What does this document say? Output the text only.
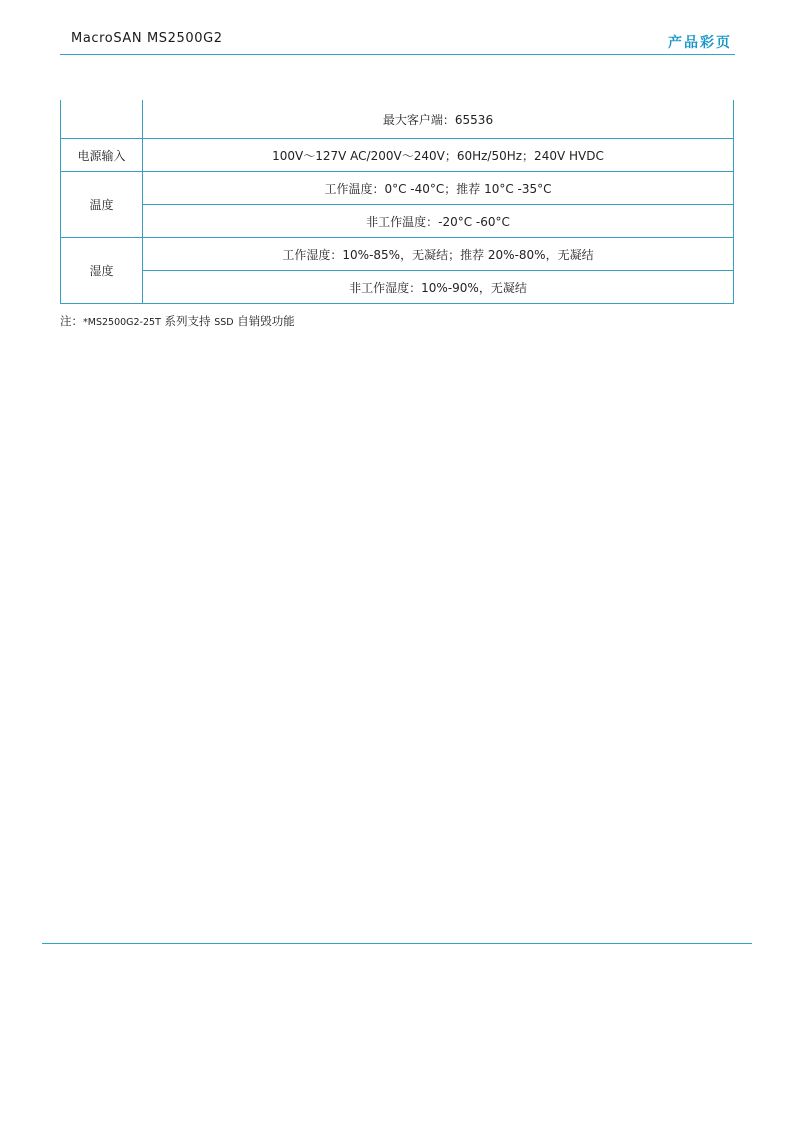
MacroSAN MS2500G2	产品彩页
	最大客户端：65536
电源输入	100V～127V AC/200V～240V；60Hz/50Hz；240V HVDC
温度	工作温度：0°C -40°C；推荐 10°C -35°C
	非工作温度：-20°C -60°C
湿度	工作湿度：10%-85%，无凝结；推荐 20%-80%，无凝结
	非工作湿度：10%-90%，无凝结
注：*MS2500G2-25T 系列支持 SSD 自销毁功能
